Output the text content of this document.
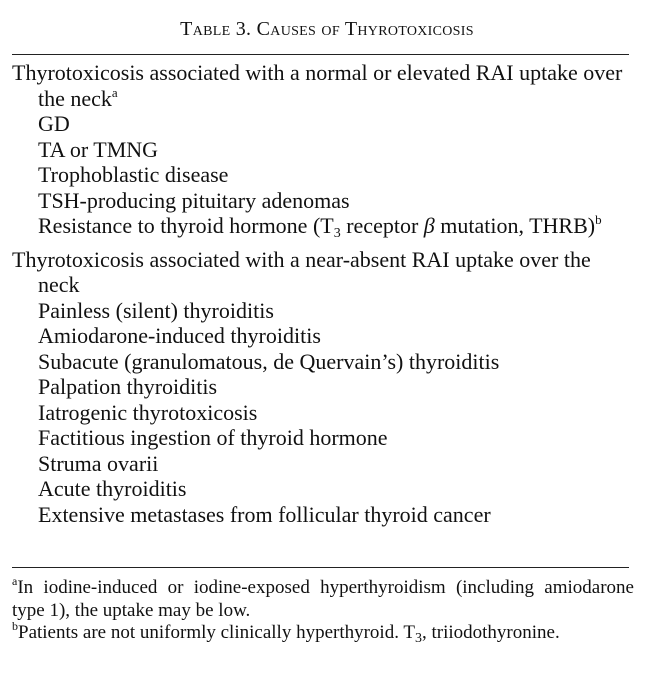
Table 3. Causes of Thyrotoxicosis
Thyrotoxicosis associated with a normal or elevated RAI uptake over the neck$^a$
GD
TA or TMNG
Trophoblastic disease
TSH-producing pituitary adenomas
Resistance to thyroid hormone ($T_3$ receptor β mutation, THRB)$^b$
Thyrotoxicosis associated with a near-absent RAI uptake over the neck
Painless (silent) thyroiditis
Amiodarone-induced thyroiditis
Subacute (granulomatous, de Quervain’s) thyroiditis
Palpation thyroiditis
Iatrogenic thyrotoxicosis
Factitious ingestion of thyroid hormone
Struma ovarii
Acute thyroiditis
Extensive metastases from follicular thyroid cancer
$^a$In iodine-induced or iodine-exposed hyperthyroidism (including amiodarone type 1), the uptake may be low.
$^b$Patients are not uniformly clinically hyperthyroid. $T_3$, triiodothyronine.
